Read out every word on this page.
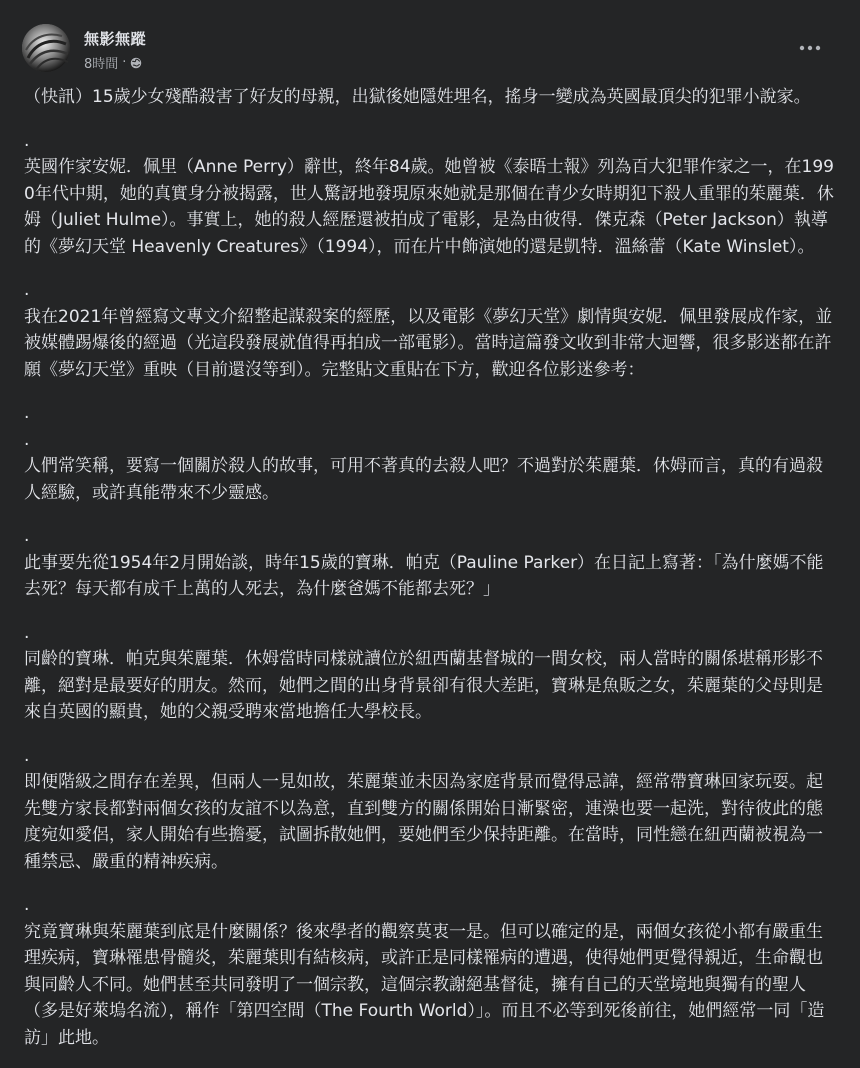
無影無蹤
8時間 ·

（快訊）15歲少女殘酷殺害了好友的母親，出獄後她隱姓埋名，搖身一變成為英國最頂尖的犯罪小說家。

.

英國作家安妮．佩里（Anne Perry）辭世，終年84歲。她曾被《泰晤士報》列為百大犯罪作家之一，在1990年代中期，她的真實身分被揭露，世人驚訝地發現原來她就是那個在青少女時期犯下殺人重罪的茱麗葉．休姆（Juliet Hulme）。事實上，她的殺人經歷還被拍成了電影，是為由彼得．傑克森（Peter Jackson）執導的《夢幻天堂 Heavenly Creatures》（1994），而在片中飾演她的還是凱特．溫絲蕾（Kate Winslet）。

.

我在2021年曾經寫文專文介紹整起謀殺案的經歷，以及電影《夢幻天堂》劇情與安妮．佩里發展成作家，並被媒體踢爆後的經過（光這段發展就值得再拍成一部電影）。當時這篇發文收到非常大迴響，很多影迷都在許願《夢幻天堂》重映（目前還沒等到）。完整貼文重貼在下方，歡迎各位影迷參考：

.

.

人們常笑稱，要寫一個關於殺人的故事，可用不著真的去殺人吧？不過對於茱麗葉．休姆而言，真的有過殺人經驗，或許真能帶來不少靈感。

.

此事要先從1954年2月開始談，時年15歲的寶琳．帕克（Pauline Parker）在日記上寫著：「為什麼媽不能去死？每天都有成千上萬的人死去，為什麼爸媽不能都去死？」

.

同齡的寶琳．帕克與茱麗葉．休姆當時同樣就讀位於紐西蘭基督城的一間女校，兩人當時的關係堪稱形影不離，絕對是最要好的朋友。然而，她們之間的出身背景卻有很大差距，寶琳是魚販之女，茱麗葉的父母則是來自英國的顯貴，她的父親受聘來當地擔任大學校長。

.

即便階級之間存在差異，但兩人一見如故，茱麗葉並未因為家庭背景而覺得忌諱，經常帶寶琳回家玩耍。起先雙方家長都對兩個女孩的友誼不以為意，直到雙方的關係開始日漸緊密，連澡也要一起洗，對待彼此的態度宛如愛侶，家人開始有些擔憂，試圖拆散她們，要她們至少保持距離。在當時，同性戀在紐西蘭被視為一種禁忌、嚴重的精神疾病。

.

究竟寶琳與茱麗葉到底是什麼關係？後來學者的觀察莫衷一是。但可以確定的是，兩個女孩從小都有嚴重生理疾病，寶琳罹患骨髓炎，茱麗葉則有結核病，或許正是同樣罹病的遭遇，使得她們更覺得親近，生命觀也與同齡人不同。她們甚至共同發明了一個宗教，這個宗教謝絕基督徒，擁有自己的天堂境地與獨有的聖人（多是好萊塢名流），稱作「第四空間（The Fourth World）」。而且不必等到死後前往，她們經常一同「造訪」此地。
